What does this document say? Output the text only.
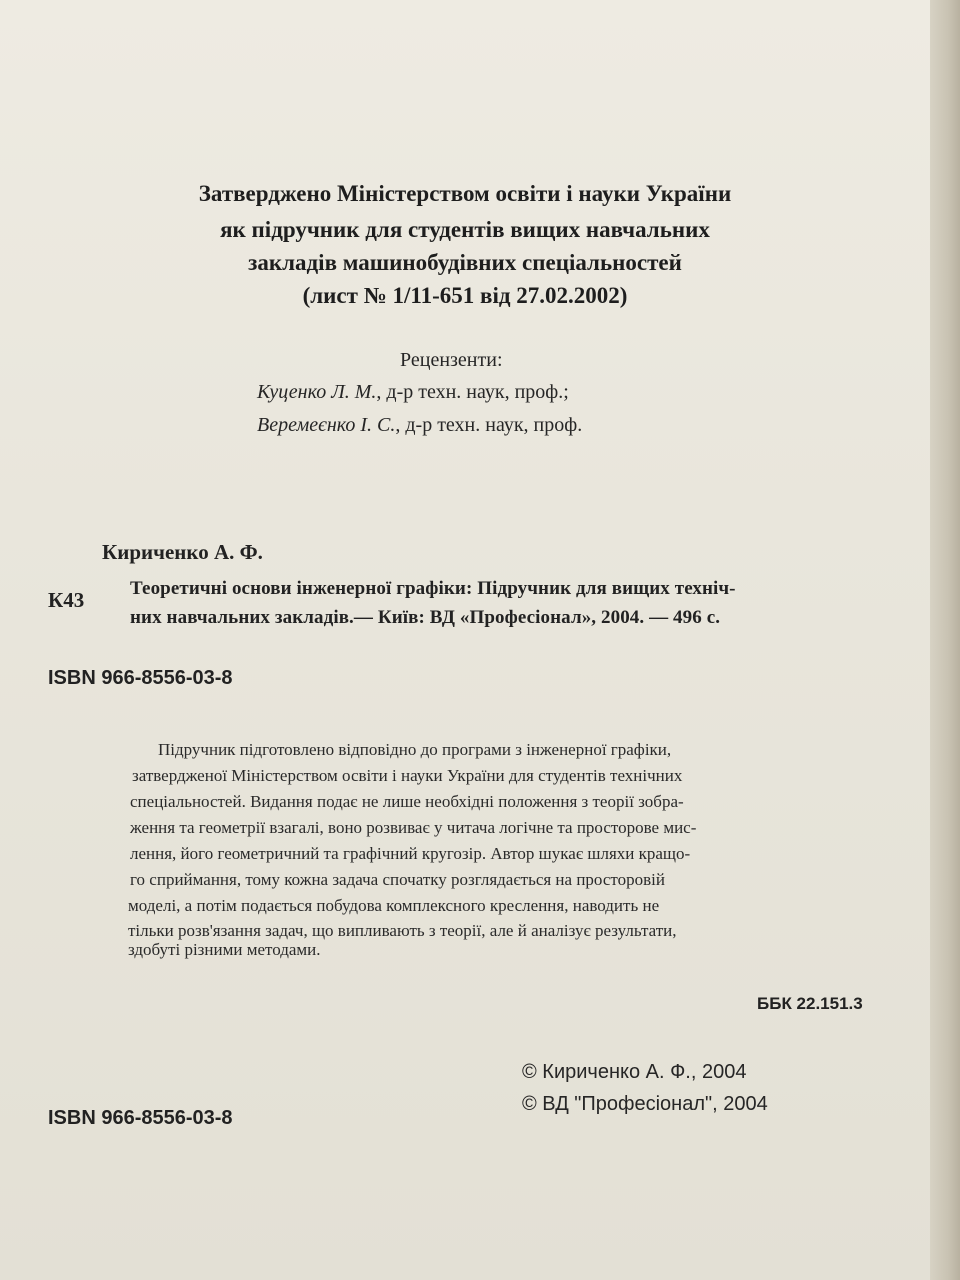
Затверджено Міністерством освіти і науки України
як підручник для студентів вищих навчальних
закладів машинобудівних спеціальностей
(лист № 1/11-651 від 27.02.2002)
Рецензенти:
Куценко Л. М., д-р техн. наук, проф.;
Веремеєнко І. С., д-р техн. наук, проф.
Кириченко А. Ф.
К43 Теоретичні основи інженерної графіки: Підручник для вищих техніч-
них навчальних закладів.— Київ: ВД «Професіонал», 2004. — 496 с.
ISBN 966-8556-03-8
Підручник підготовлено відповідно до програми з інженерної графіки,
затвердженої Міністерством освіти і науки України для студентів технічних
спеціальностей. Видання подає не лише необхідні положення з теорії зобра-
ження та геометрії взагалі, воно розвиває у читача логічне та просторове мис-
лення, його геометричний та графічний кругозір. Автор шукає шляхи кращо-
го сприймання, тому кожна задача спочатку розглядається на просторовій
моделі, а потім подається побудова комплексного креслення, наводить не
тільки розв'язання задач, що випливають з теорії, але й аналізує результати,
здобуті різними методами.
ББК 22.151.3
ISBN 966-8556-03-8
© Кириченко А. Ф., 2004
© ВД "Професіонал", 2004
